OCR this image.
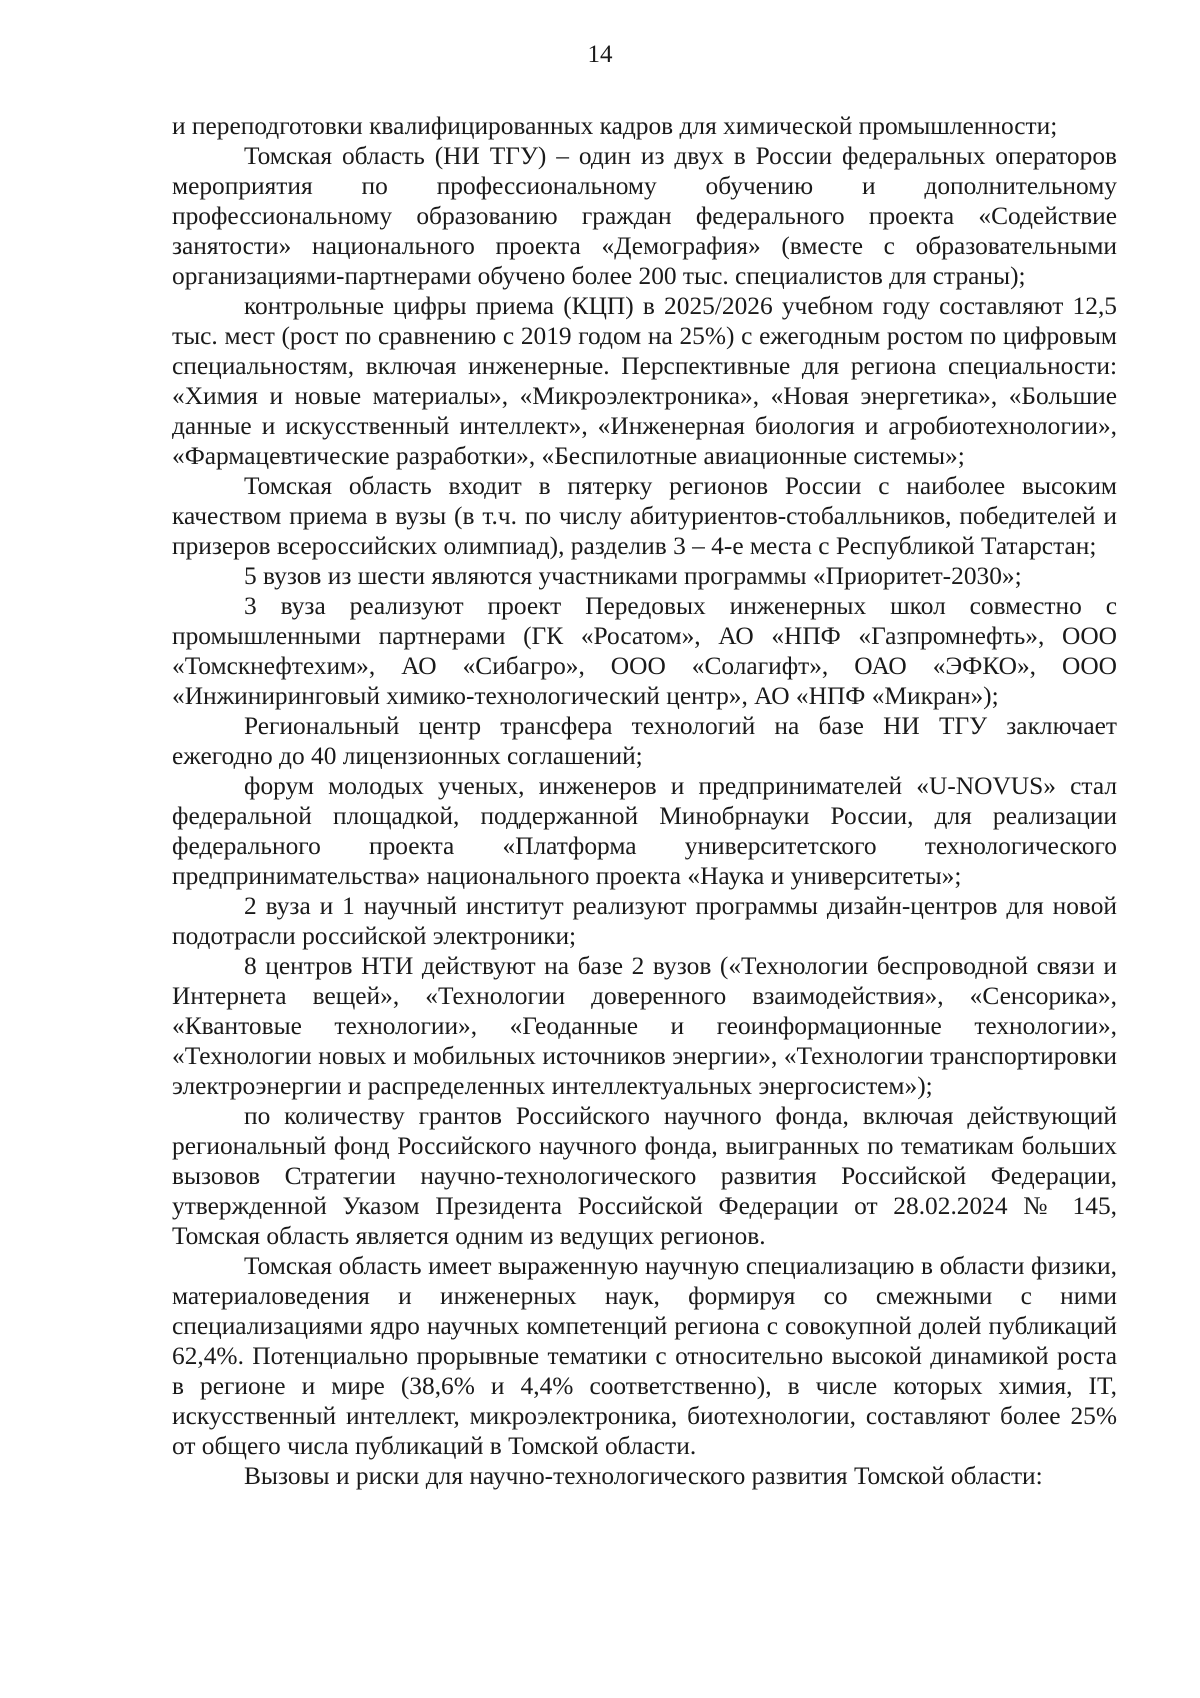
14

и переподготовки квалифицированных кадров для химической промышленности;

Томская область (НИ ТГУ) – один из двух в России федеральных операторов мероприятия по профессиональному обучению и дополнительному профессиональному образованию граждан федерального проекта «Содействие занятости» национального проекта «Демография» (вместе с образовательными организациями-партнерами обучено более 200 тыс. специалистов для страны);

контрольные цифры приема (КЦП) в 2025/2026 учебном году составляют 12,5 тыс. мест (рост по сравнению с 2019 годом на 25%) с ежегодным ростом по цифровым специальностям, включая инженерные. Перспективные для региона специальности: «Химия и новые материалы», «Микроэлектроника», «Новая энергетика», «Большие данные и искусственный интеллект», «Инженерная биология и агробиотехнологии», «Фармацевтические разработки», «Беспилотные авиационные системы»;

Томская область входит в пятерку регионов России с наиболее высоким качеством приема в вузы (в т.ч. по числу абитуриентов-стобалльников, победителей и призеров всероссийских олимпиад), разделив 3 – 4-е места с Республикой Татарстан;

5 вузов из шести являются участниками программы «Приоритет-2030»;

3 вуза реализуют проект Передовых инженерных школ совместно с промышленными партнерами (ГК «Росатом», АО «НПФ «Газпромнефть», ООО «Томскнефтехим», АО «Сибагро», ООО «Солагифт», ОАО «ЭФКО», ООО «Инжиниринговый химико-технологический центр», АО «НПФ «Микран»);

Региональный центр трансфера технологий на базе НИ ТГУ заключает ежегодно до 40 лицензионных соглашений;

форум молодых ученых, инженеров и предпринимателей «U-NOVUS» стал федеральной площадкой, поддержанной Минобрнауки России, для реализации федерального проекта «Платформа университетского технологического предпринимательства» национального проекта «Наука и университеты»;

2 вуза и 1 научный институт реализуют программы дизайн-центров для новой подотрасли российской электроники;

8 центров НТИ действуют на базе 2 вузов («Технологии беспроводной связи и Интернета вещей», «Технологии доверенного взаимодействия», «Сенсорика», «Квантовые технологии», «Геоданные и геоинформационные технологии», «Технологии новых и мобильных источников энергии», «Технологии транспортировки электроэнергии и распределенных интеллектуальных энергосистем»);

по количеству грантов Российского научного фонда, включая действующий региональный фонд Российского научного фонда, выигранных по тематикам больших вызовов Стратегии научно-технологического развития Российской Федерации, утвержденной Указом Президента Российской Федерации от 28.02.2024 № 145, Томская область является одним из ведущих регионов.

Томская область имеет выраженную научную специализацию в области физики, материаловедения и инженерных наук, формируя со смежными с ними специализациями ядро научных компетенций региона с совокупной долей публикаций 62,4%. Потенциально прорывные тематики с относительно высокой динамикой роста в регионе и мире (38,6% и 4,4% соответственно), в числе которых химия, IT, искусственный интеллект, микроэлектроника, биотехнологии, составляют более 25% от общего числа публикаций в Томской области.

Вызовы и риски для научно-технологического развития Томской области:
